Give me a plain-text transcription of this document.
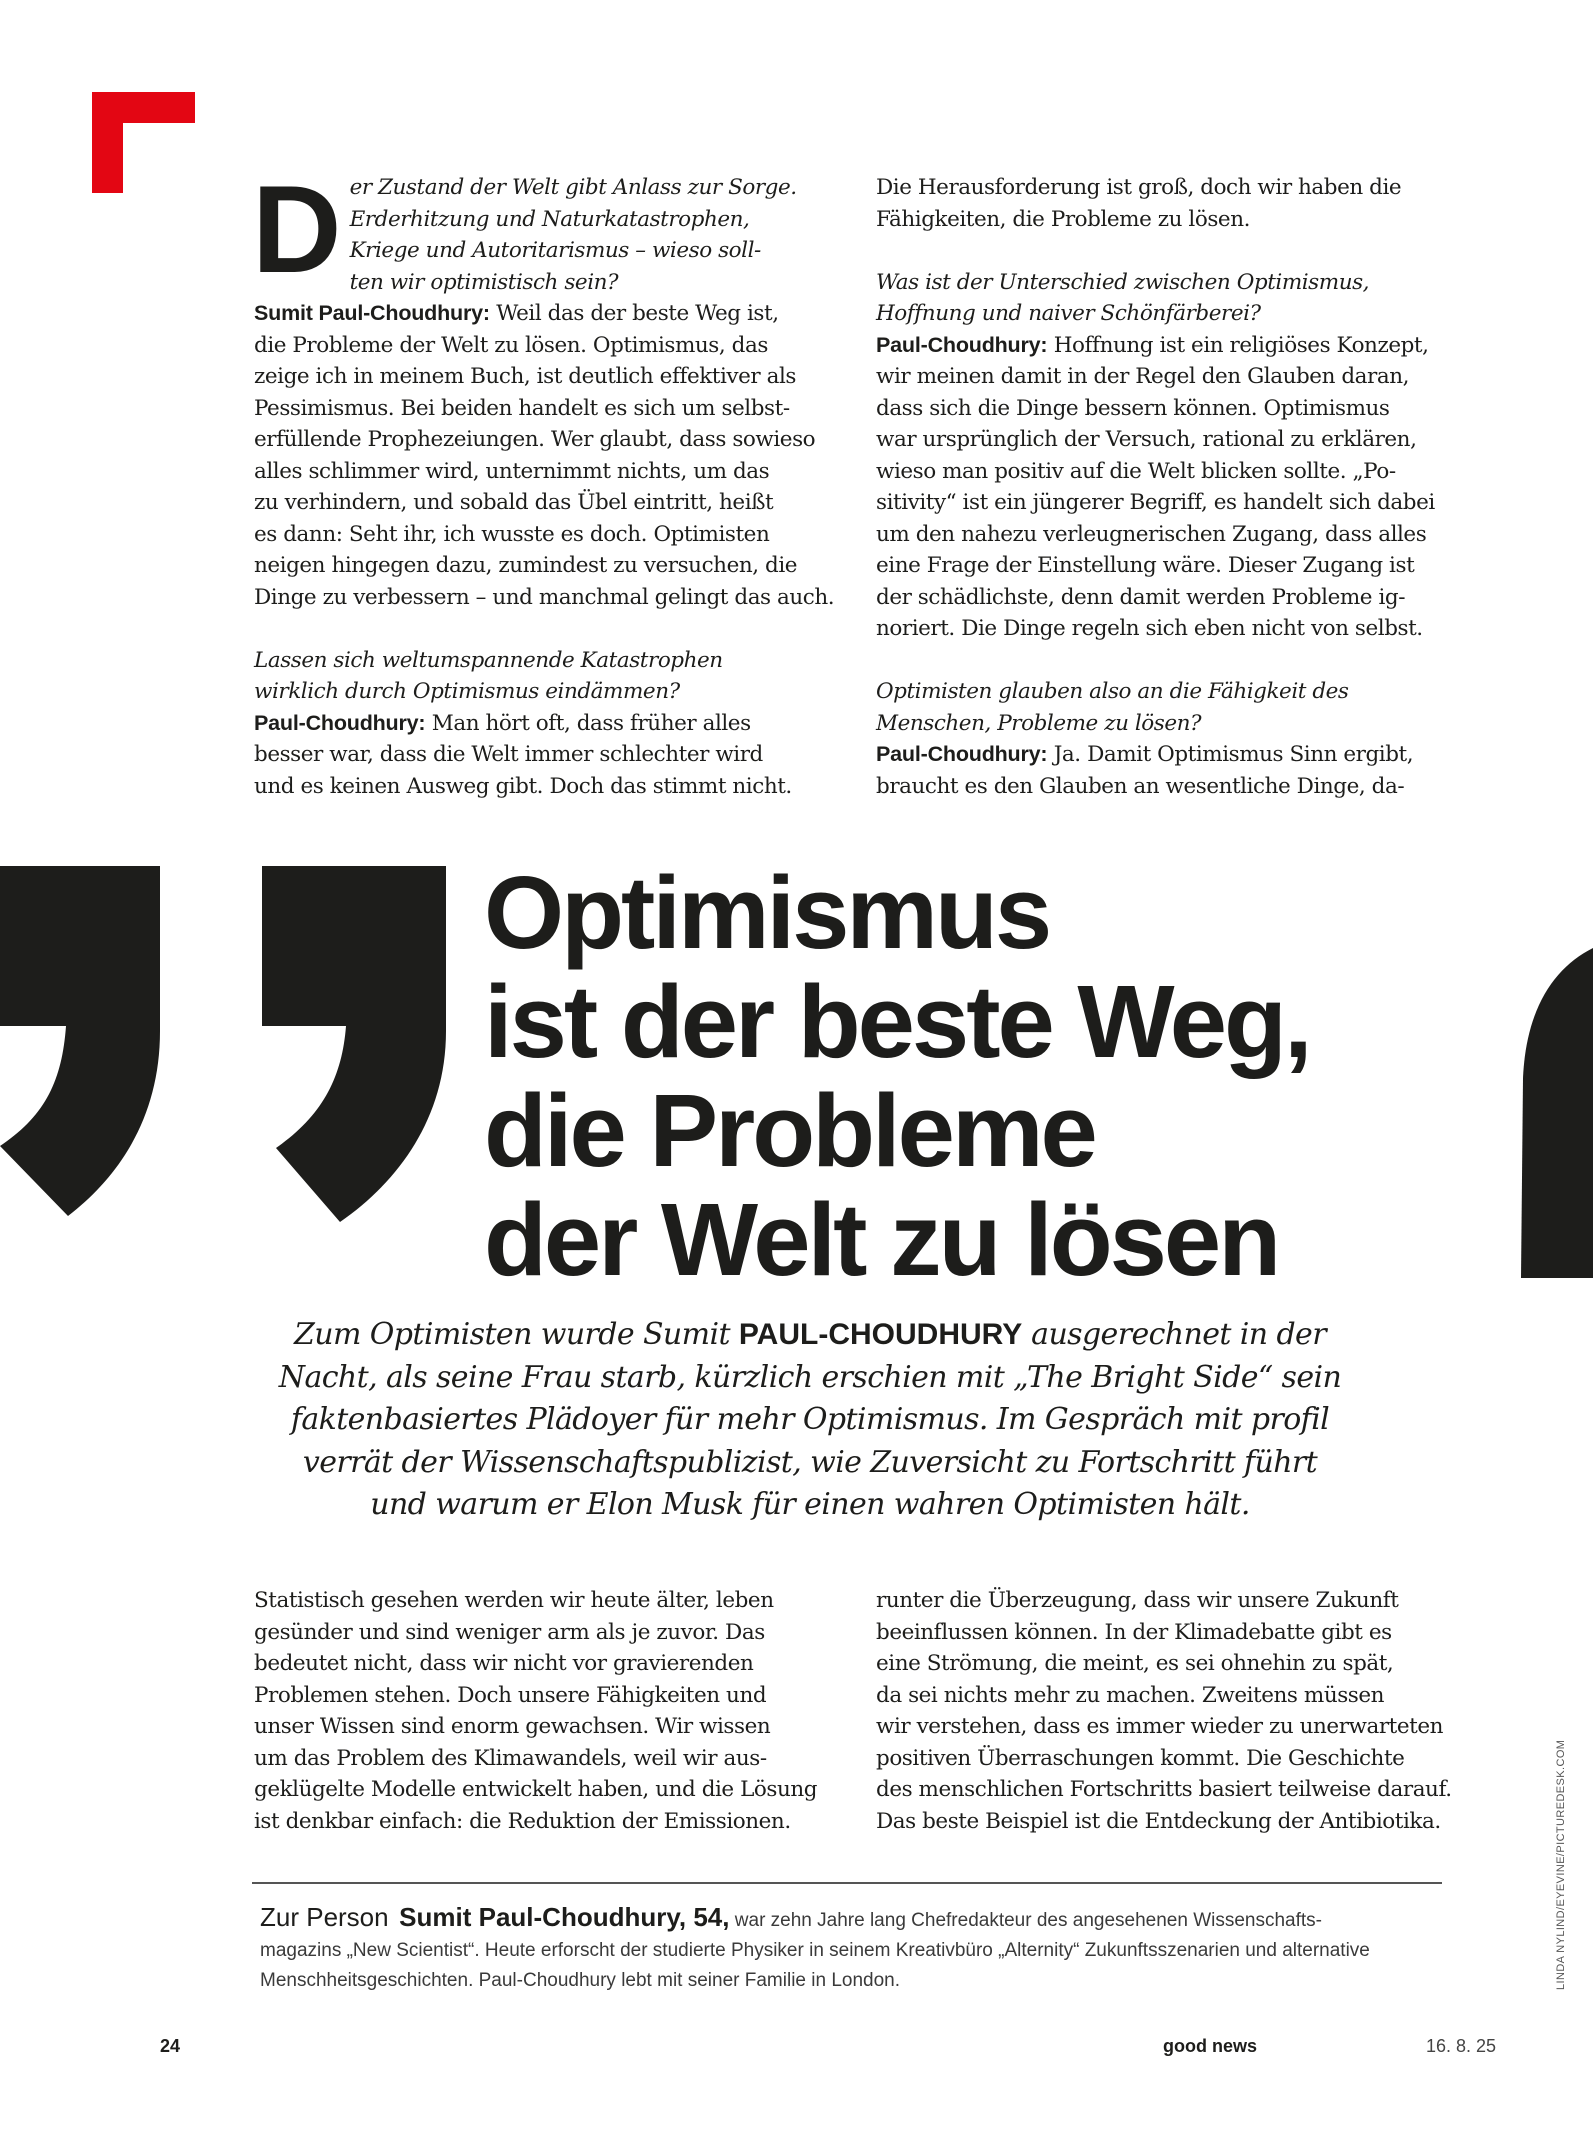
D er Zustand der Welt gibt Anlass zur Sorge.
Erderhitzung und Naturkatastrophen,
Kriege und Autoritarismus – wieso soll-
ten wir optimistisch sein?
Sumit Paul-Choudhury: Weil das der beste Weg ist,
die Probleme der Welt zu lösen. Optimismus, das
zeige ich in meinem Buch, ist deutlich effektiver als
Pessimismus. Bei beiden handelt es sich um selbst-
erfüllende Prophezeiungen. Wer glaubt, dass sowieso
alles schlimmer wird, unternimmt nichts, um das
zu verhindern, und sobald das Übel eintritt, heißt
es dann: Seht ihr, ich wusste es doch. Optimisten
neigen hingegen dazu, zumindest zu versuchen, die
Dinge zu verbessern – und manchmal gelingt das auch.
Lassen sich weltumspannende Katastrophen
wirklich durch Optimismus eindämmen?
Paul-Choudhury: Man hört oft, dass früher alles
besser war, dass die Welt immer schlechter wird
und es keinen Ausweg gibt. Doch das stimmt nicht.
Die Herausforderung ist groß, doch wir haben die
Fähigkeiten, die Probleme zu lösen.
Was ist der Unterschied zwischen Optimismus,
Hoffnung und naiver Schönfärberei?
Paul-Choudhury: Hoffnung ist ein religiöses Konzept,
wir meinen damit in der Regel den Glauben daran,
dass sich die Dinge bessern können. Optimismus
war ursprünglich der Versuch, rational zu erklären,
wieso man positiv auf die Welt blicken sollte. „Po-
sitivity“ ist ein jüngerer Begriff, es handelt sich dabei
um den nahezu verleugnerischen Zugang, dass alles
eine Frage der Einstellung wäre. Dieser Zugang ist
der schädlichste, denn damit werden Probleme ig-
noriert. Die Dinge regeln sich eben nicht von selbst.
Optimisten glauben also an die Fähigkeit des
Menschen, Probleme zu lösen?
Paul-Choudhury: Ja. Damit Optimismus Sinn ergibt,
braucht es den Glauben an wesentliche Dinge, da-
Optimismus
ist der beste Weg,
die Probleme
der Welt zu lösen
Zum Optimisten wurde Sumit PAUL-CHOUDHURY ausgerechnet in der
Nacht, als seine Frau starb, kürzlich erschien mit „The Bright Side“ sein
faktenbasiertes Plädoyer für mehr Optimismus. Im Gespräch mit profil
verrät der Wissenschaftspublizist, wie Zuversicht zu Fortschritt führt
und warum er Elon Musk für einen wahren Optimisten hält.
Statistisch gesehen werden wir heute älter, leben
gesünder und sind weniger arm als je zuvor. Das
bedeutet nicht, dass wir nicht vor gravierenden
Problemen stehen. Doch unsere Fähigkeiten und
unser Wissen sind enorm gewachsen. Wir wissen
um das Problem des Klimawandels, weil wir aus-
geklügelte Modelle entwickelt haben, und die Lösung
ist denkbar einfach: die Reduktion der Emissionen.
runter die Überzeugung, dass wir unsere Zukunft
beeinflussen können. In der Klimadebatte gibt es
eine Strömung, die meint, es sei ohnehin zu spät,
da sei nichts mehr zu machen. Zweitens müssen
wir verstehen, dass es immer wieder zu unerwarteten
positiven Überraschungen kommt. Die Geschichte
des menschlichen Fortschritts basiert teilweise darauf.
Das beste Beispiel ist die Entdeckung der Antibiotika.
Zur Person Sumit Paul-Choudhury, 54, war zehn Jahre lang Chefredakteur des angesehenen Wissenschafts-
magazins „New Scientist“. Heute erforscht der studierte Physiker in seinem Kreativbüro „Alternity“ Zukunftsszenarien und alternative
Menschheitsgeschichten. Paul-Choudhury lebt mit seiner Familie in London.	LINDA NYLIND/EYEVINE/PICTUREDESK.COM
24	good news	16. 8. 25
